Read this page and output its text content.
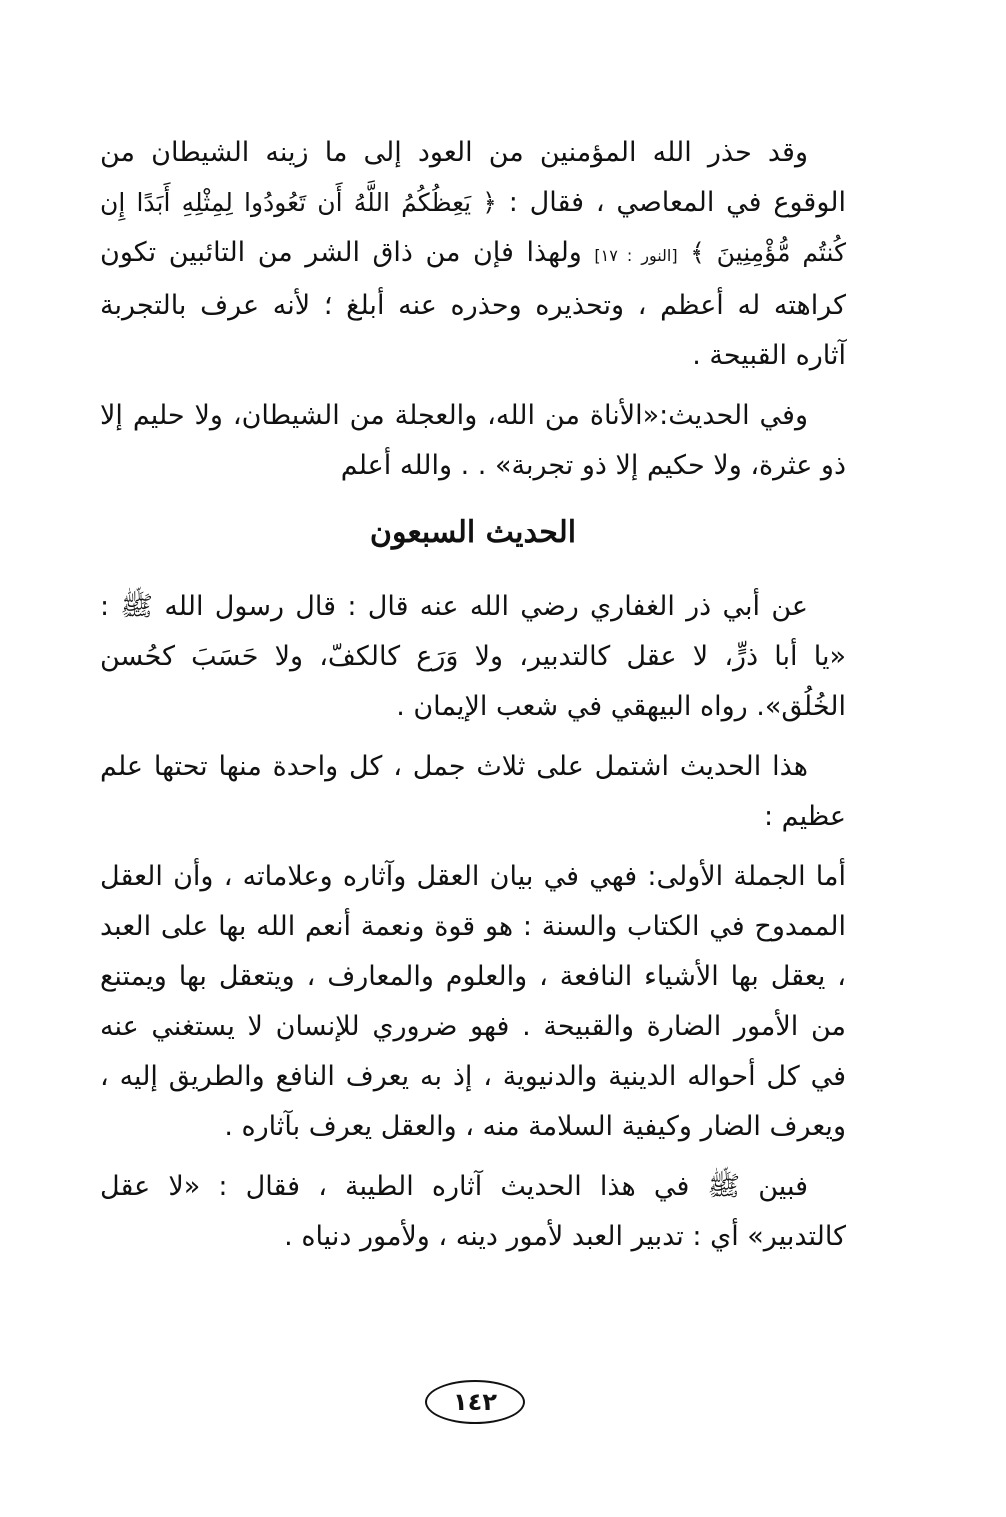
وقد حذر الله المؤمنين من العود إلى ما زينه الشيطان من الوقوع في المعاصي ، فقال : ﴿ يَعِظُكُمُ اللَّهُ أَن تَعُودُوا لِمِثْلِهِ أَبَدًا إِن كُنتُم مُّؤْمِنِينَ ﴾ [النور : ١٧] ولهذا فإن من ذاق الشر من التائبين تكون كراهته له أعظم ، وتحذيره وحذره عنه أبلغ ؛ لأنه عرف بالتجربة آثاره القبيحة .

وفي الحديث:«الأناة من الله، والعجلة من الشيطان، ولا حليم إلا ذو عثرة، ولا حكيم إلا ذو تجربة» . . والله أعلم

الحديث السبعون

عن أبي ذر الغفاري رضي الله عنه قال : قال رسول الله ﷺ : «يا أبا ذرٍّ، لا عقل كالتدبير، ولا وَرَع كالكفّ، ولا حَسَبَ كحُسن الخُلُق». رواه البيهقي في شعب الإيمان .

هذا الحديث اشتمل على ثلاث جمل ، كل واحدة منها تحتها علم عظيم :

أما الجملة الأولى: فهي في بيان العقل وآثاره وعلاماته ، وأن العقل الممدوح في الكتاب والسنة : هو قوة ونعمة أنعم الله بها على العبد ، يعقل بها الأشياء النافعة ، والعلوم والمعارف ، ويتعقل بها ويمتنع من الأمور الضارة والقبيحة . فهو ضروري للإنسان لا يستغني عنه في كل أحواله الدينية والدنيوية ، إذ به يعرف النافع والطريق إليه ، ويعرف الضار وكيفية السلامة منه ، والعقل يعرف بآثاره .

فبين ﷺ في هذا الحديث آثاره الطيبة ، فقال : «لا عقل كالتدبير» أي : تدبير العبد لأمور دينه ، ولأمور دنياه .

١٤٢
